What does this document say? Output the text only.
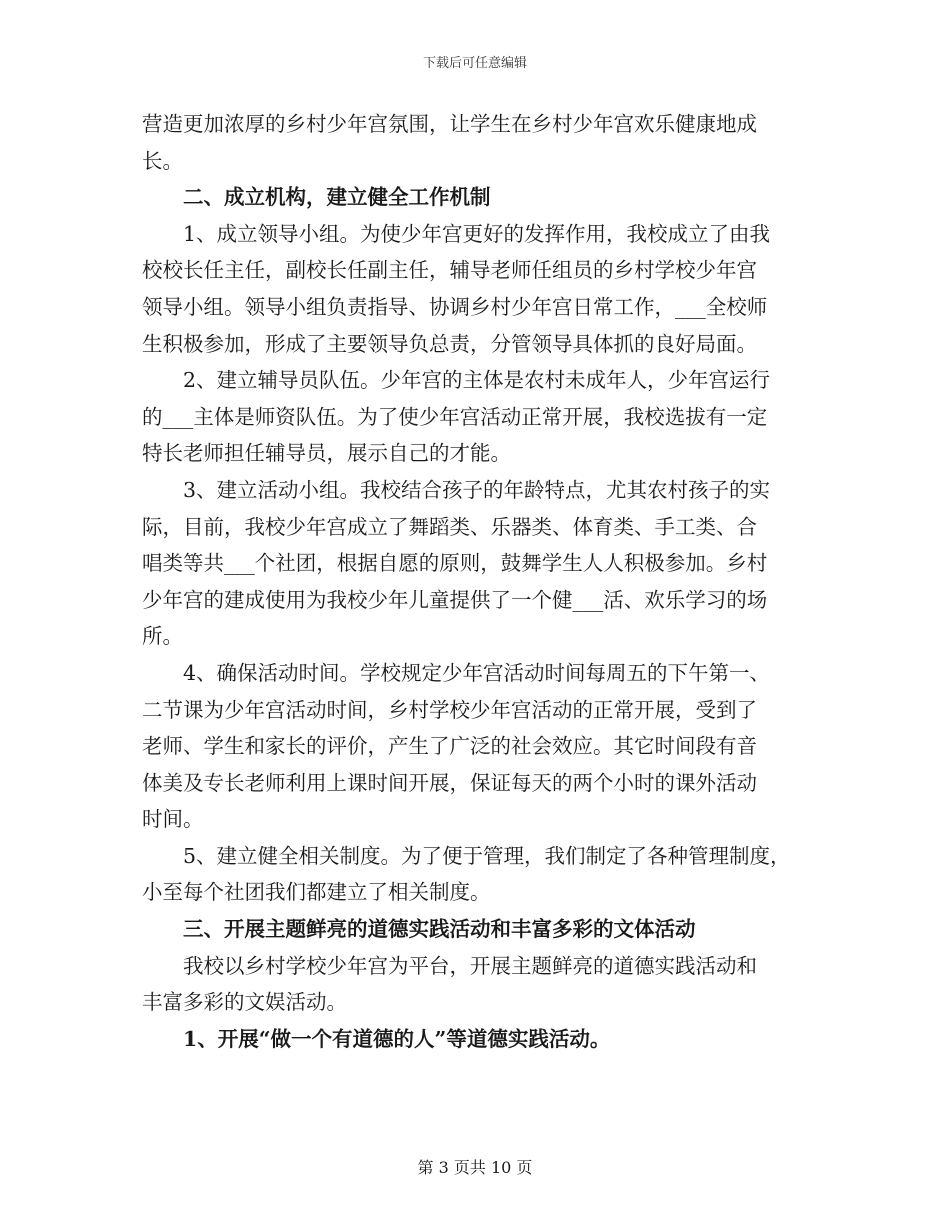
下载后可任意编辑
营造更加浓厚的乡村少年宫氛围，让学生在乡村少年宫欢乐健康地成
长。
二、成立机构，建立健全工作机制
1、成立领导小组。为使少年宫更好的发挥作用，我校成立了由我
校校长任主任，副校长任副主任，辅导老师任组员的乡村学校少年宫
领导小组。领导小组负责指导、协调乡村少年宫日常工作，___全校师
生积极参加，形成了主要领导负总责，分管领导具体抓的良好局面。
2、建立辅导员队伍。少年宫的主体是农村未成年人，少年宫运行
的___主体是师资队伍。为了使少年宫活动正常开展，我校选拔有一定
特长老师担任辅导员，展示自己的才能。
3、建立活动小组。我校结合孩子的年龄特点，尤其农村孩子的实
际，目前，我校少年宫成立了舞蹈类、乐器类、体育类、手工类、合
唱类等共___个社团，根据自愿的原则，鼓舞学生人人积极参加。乡村
少年宫的建成使用为我校少年儿童提供了一个健___活、欢乐学习的场
所。
4、确保活动时间。学校规定少年宫活动时间每周五的下午第一、
二节课为少年宫活动时间，乡村学校少年宫活动的正常开展，受到了
老师、学生和家长的评价，产生了广泛的社会效应。其它时间段有音
体美及专长老师利用上课时间开展，保证每天的两个小时的课外活动
时间。
5、建立健全相关制度。为了便于管理，我们制定了各种管理制度，
小至每个社团我们都建立了相关制度。
三、开展主题鲜亮的道德实践活动和丰富多彩的文体活动
我校以乡村学校少年宫为平台，开展主题鲜亮的道德实践活动和
丰富多彩的文娱活动。
1、开展“做一个有道德的人”等道德实践活动。
第 3 页共 10 页
